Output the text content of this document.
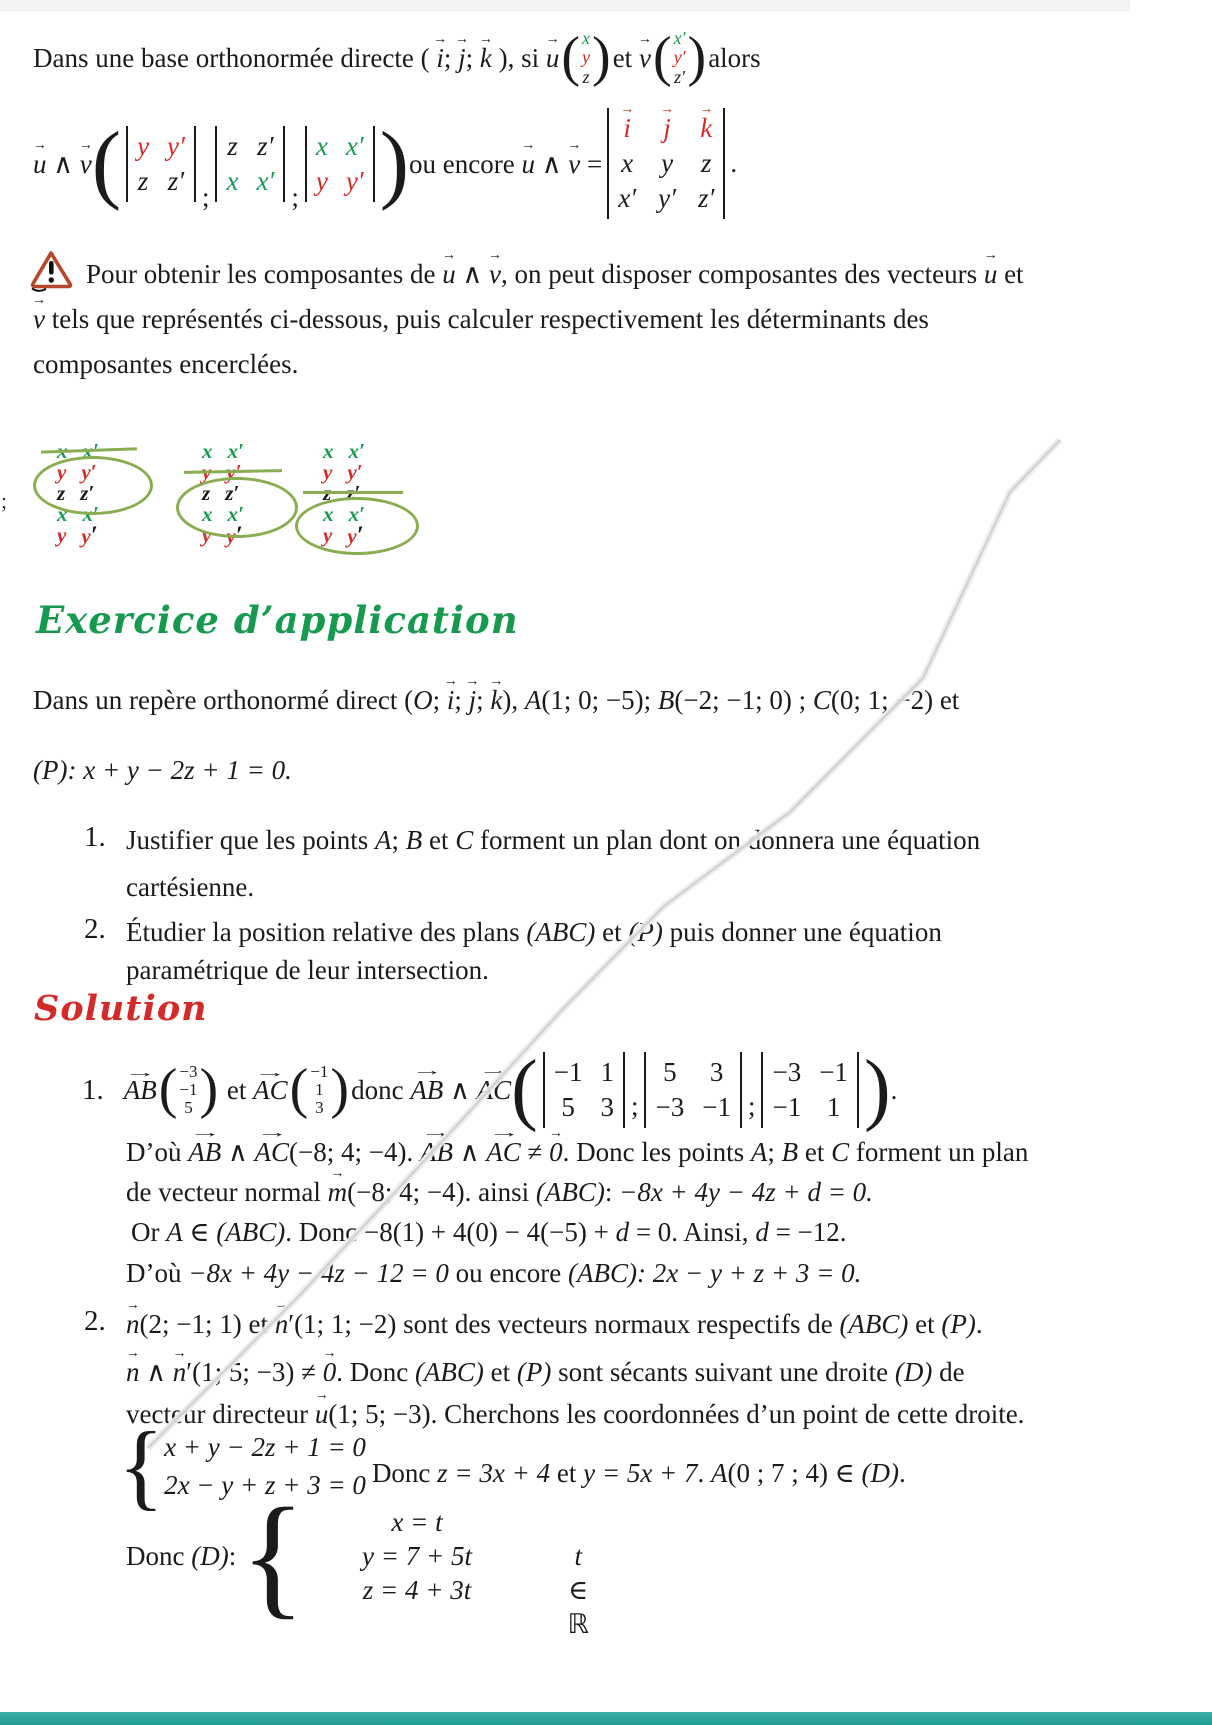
Dans une base orthonormée directe ( → i; → j; → k ), si → u ( x
y
z ) et → v ( x′
y′
z′ ) alors
→ u ∧ → v ( y y′
z z′
;
z z′
x x′
;
x x′
y y′ ) ou encore → u ∧ → v =
→ i → j → k
x y z
x′ y′ z′
.
Pour obtenir les composantes de → u ∧ → v, on peut disposer composantes des vecteurs → u et
→ v tels que représentés ci-dessous, puis calculer respectivement les déterminants des
composantes encerclées.
;
y y′
z z′
x x′
y y′
x x′
z z′
x x′
y y′
x x′
y y′
x x′
y y′
Exercice d’application
Dans un repère orthonormé direct (O; → i; → j; → k), A(1; 0; −5); B(−2; −1; 0) ; C(0; 1; −2) et
(P): x + y − 2z + 1 = 0.
1. Justifier que les points A; B et C forment un plan dont on donnera une équation
cartésienne.
2. Étudier la position relative des plans (ABC) et (P) puis donner une équation
paramétrique de leur intersection.
Solution
1. → AB ( −3
−1
5 ) et → AC ( −1
1
3 ) donc → AB ∧ → AC ( −1 1
5 3 ;
5 3
−3 −1 ;
−3 −1
−1 1 ) .
D’où → AB ∧ → AC(−8; 4; −4). → AB ∧ → AC ≠ → 0. Donc les points A; B et C forment un plan
de vecteur normal → m(−8; 4; −4). ainsi (ABC): −8x + 4y − 4z + d = 0.
Or A ∈ (ABC). Donc −8(1) + 4(0) − 4(−5) + d = 0. Ainsi, d = −12.
D’où −8x + 4y − 4z − 12 = 0 ou encore (ABC): 2x − y + z + 3 = 0.
2. → n(2; −1; 1) et → n′(1; 1; −2) sont des vecteurs normaux respectifs de (ABC) et (P).
→ n ∧ → n′(1; 5; −3) ≠ → 0. Donc (ABC) et (P) sont sécants suivant une droite (D) de
vecteur directeur → u(1; 5; −3). Cherchons les coordonnées d’un point de cette droite.
{ x + y − 2z + 1 = 0
2x − y + z + 3 = 0 Donc z = 3x + 4 et y = 5x + 7. A(0 ; 7 ; 4) ∈ (D).
Donc (D): {	x = t
y = 7 + 5t	t ∈ ℝ
z = 4 + 3t
